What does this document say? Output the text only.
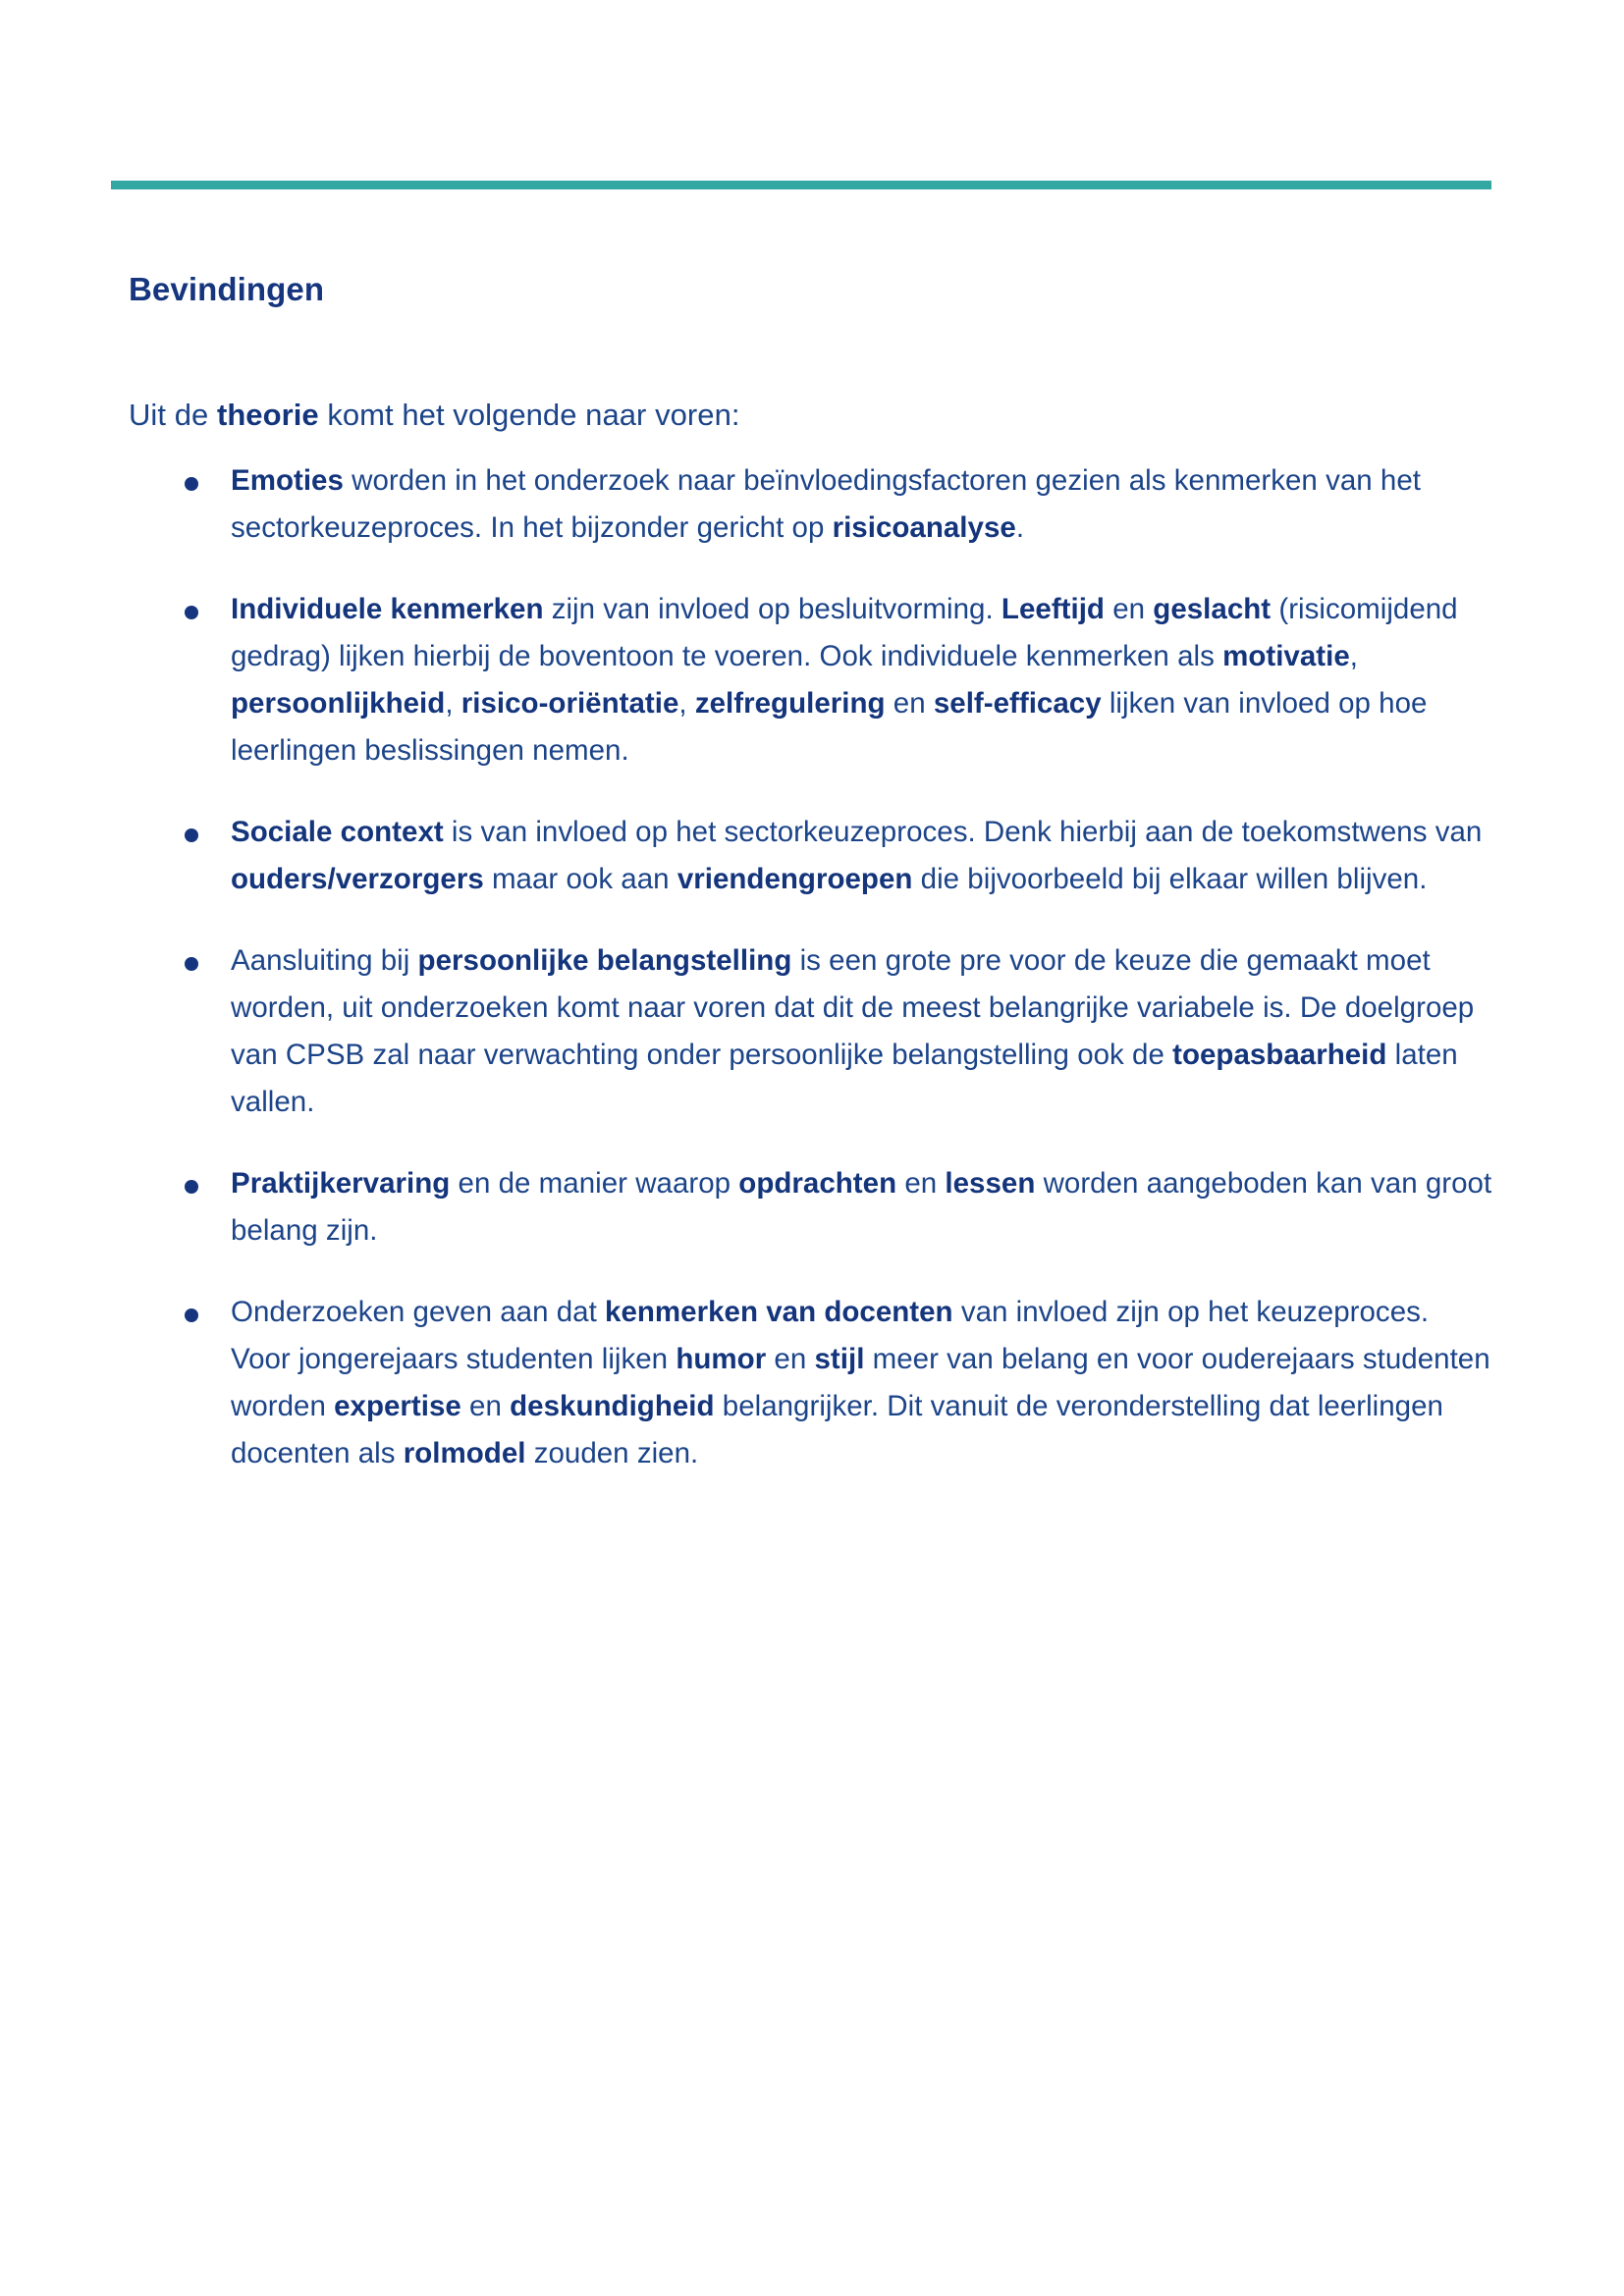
Bevindingen

Uit de theorie komt het volgende naar voren:

Emoties worden in het onderzoek naar beïnvloedingsfactoren gezien als kenmerken van het sectorkeuzeproces. In het bijzonder gericht op risicoanalyse.
Individuele kenmerken zijn van invloed op besluitvorming. Leeftijd en geslacht (risicomijdend gedrag) lijken hierbij de boventoon te voeren. Ook individuele kenmerken als motivatie, persoonlijkheid, risico-oriëntatie, zelfregulering en self-efficacy lijken van invloed op hoe leerlingen beslissingen nemen.
Sociale context is van invloed op het sectorkeuzeproces. Denk hierbij aan de toekomstwens van ouders/verzorgers maar ook aan vriendengroepen die bijvoorbeeld bij elkaar willen blijven.
Aansluiting bij persoonlijke belangstelling is een grote pre voor de keuze die gemaakt moet worden, uit onderzoeken komt naar voren dat dit de meest belangrijke variabele is. De doelgroep van CPSB zal naar verwachting onder persoonlijke belangstelling ook de toepasbaarheid laten vallen.
Praktijkervaring en de manier waarop opdrachten en lessen worden aangeboden kan van groot belang zijn.
Onderzoeken geven aan dat kenmerken van docenten van invloed zijn op het keuzeproces. Voor jongerejaars studenten lijken humor en stijl meer van belang en voor ouderejaars studenten worden expertise en deskundigheid belangrijker. Dit vanuit de veronderstelling dat leerlingen docenten als rolmodel zouden zien.
